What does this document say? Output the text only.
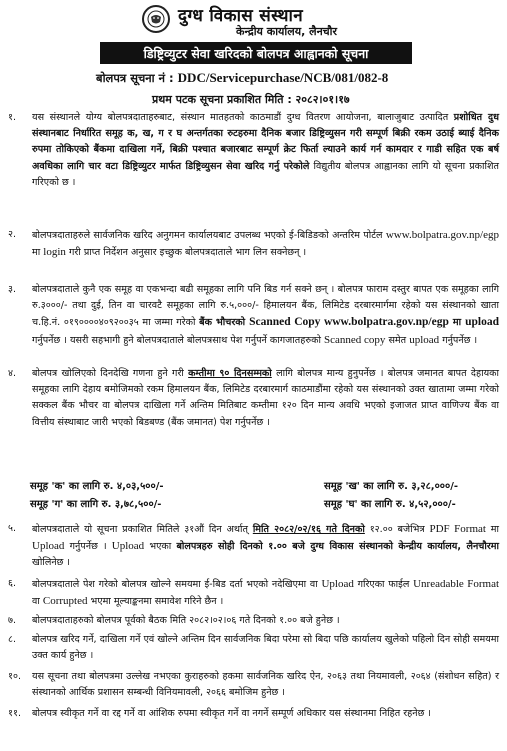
दुग्ध विकास संस्थान
केन्द्रीय कार्यालय, लैनचौर
डिष्ट्रिव्युटर सेवा खरिदको बोलपत्र आह्वानको सूचना
बोलपत्र सूचना नं : DDC/Servicepurchase/NCB/081/082-8
प्रथम पटक सूचना प्रकाशित मिति : २०८२।०१।१७
१. यस संस्थानले योग्य बोलपत्रदाताहरुबाट, संस्थान मातहतको काठमाडौं दुग्ध वितरण आयोजना, बालाजुबाट उत्पादित प्रशोधित दुध संस्थानबाट निर्धारित समूह क, ख, ग र घ अन्तर्गतका रुटहरुमा दैनिक बजार डिष्ट्रिव्युसन गरी सम्पूर्ण बिक्री रकम उठाई ब्याई दैनिक रुपमा तोकिएको बैंकमा दाखिला गर्ने, बिक्री पश्चात बजारबाट सम्पूर्ण क्रेट फिर्ता ल्याउने कार्य गर्न कामदार र गाडी सहित एक बर्ष अवधिका लागि चार वटा डिष्ट्रिव्युटर मार्फत डिष्ट्रिव्युसन सेवा खरिद गर्नु परेकोले विद्युतीय बोलपत्र आह्वानका लागि यो सूचना प्रकाशित गरिएको छ ।
२. बोलपत्रदाताहरुले सार्वजनिक खरिद अनुगमन कार्यालयबाट उपलब्ध भएको ई-बिडिङको अन्तरिम पोर्टल www.bolpatra.gov.np/egp मा login गरी प्राप्त निर्देशन अनुसार इच्छुक बोलपत्रदाताले भाग लिन सक्नेछन् ।
३. बोलपत्रदाताले कुनै एक समूह वा एकभन्दा बढी समूहका लागि पनि बिड गर्न सक्ने छन् । बोलपत्र फाराम दस्तुर बापत एक समूहका लागि रु.३०००/- तथा दुई, तिन वा चारवटै समूहका लागि रु.५,०००/- हिमालयन बैंक, लिमिटेड दरबारमार्गमा रहेको यस संस्थानको खाता च.हि.नं. ०१९००००४०९२००३५ मा जम्मा गरेको बैंक भौचरको Scanned Copy www.bolpatra.gov.np/egp मा upload गर्नुपर्नेछ । यसरी सहभागी हुने बोलपत्रदाताले बोलपत्रसाथ पेश गर्नुपर्ने कागजातहरुको Scanned copy समेत upload गर्नुपर्नेछ ।
४. बोलपत्र खोलिएको दिनदेखि गणना हुने गरी कम्तीमा ९० दिनसम्मको लागि बोलपत्र मान्य हुनुपर्नेछ । बोलपत्र जमानत बापत देहायका समूहका लागि देहाय बमोजिमको रकम हिमालयन बैंक, लिमिटेड दरबारमार्ग काठमाडौंमा रहेको यस संस्थानको उक्त खातामा जम्मा गरेको सक्कल बैंक भौचर वा बोलपत्र दाखिला गर्ने अन्तिम मितिबाट कम्तीमा १२० दिन मान्य अवधि भएको इजाजत प्राप्त वाणिज्य बैंक वा वित्तीय संस्थाबाट जारी भएको बिडबण्ड (बैंक जमानत) पेश गर्नुपर्नेछ ।
समूह 'क' का लागि रु. ४,०३,५००/-	समूह 'ख' का लागि रु. ३,२८,०००/-
समूह 'ग' का लागि रु. ३,७८,५००/-	समूह 'घ' का लागि रु. ४,५२,०००/-
५. बोलपत्रदाताले यो सूचना प्रकाशित मितिले ३१औं दिन अर्थात् मिति २०८२/०२/१६ गते दिनको १२.०० बजेभित्र PDF Format मा Upload गर्नुपर्नेछ । Upload भएका बोलपत्रहरु सोही दिनको १.०० बजे दुग्ध विकास संस्थानको केन्द्रीय कार्यालय, लैनचौरमा खोलिनेछ ।
६. बोलपत्रदाताले पेश गरेको बोलपत्र खोल्ने समयमा ई-बिड दर्ता भएको नदेखिएमा वा Upload गरिएका फाईल Unreadable Format वा Corrupted भएमा मूल्याङ्कनमा समावेश गरिने छैन ।
७. बोलपत्रदाताहरुको बोलपत्र पूर्वको बैठक मिति २०८२।०२।०६ गते दिनको १.०० बजे हुनेछ ।
८. बोलपत्र खरिद गर्ने, दाखिला गर्ने एवं खोल्ने अन्तिम दिन सार्वजनिक बिदा परेमा सो बिदा पछि कार्यालय खुलेको पहिलो दिन सोही समयमा उक्त कार्य हुनेछ ।
१०. यस सूचना तथा बोलपत्रमा उल्लेख नभएका कुराहरुको हकमा सार्वजनिक खरिद ऐन, २०६३ तथा नियमावली, २०६४ (संशोधन सहित) र संस्थानको आर्थिक प्रशासन सम्बन्धी विनियमावली, २०६६ बमोजिम हुनेछ ।
११. बोलपत्र स्वीकृत गर्ने वा रद्द गर्ने वा आंशिक रुपमा स्वीकृत गर्ने वा नगर्ने सम्पूर्ण अधिकार यस संस्थानमा निहित रहनेछ ।
